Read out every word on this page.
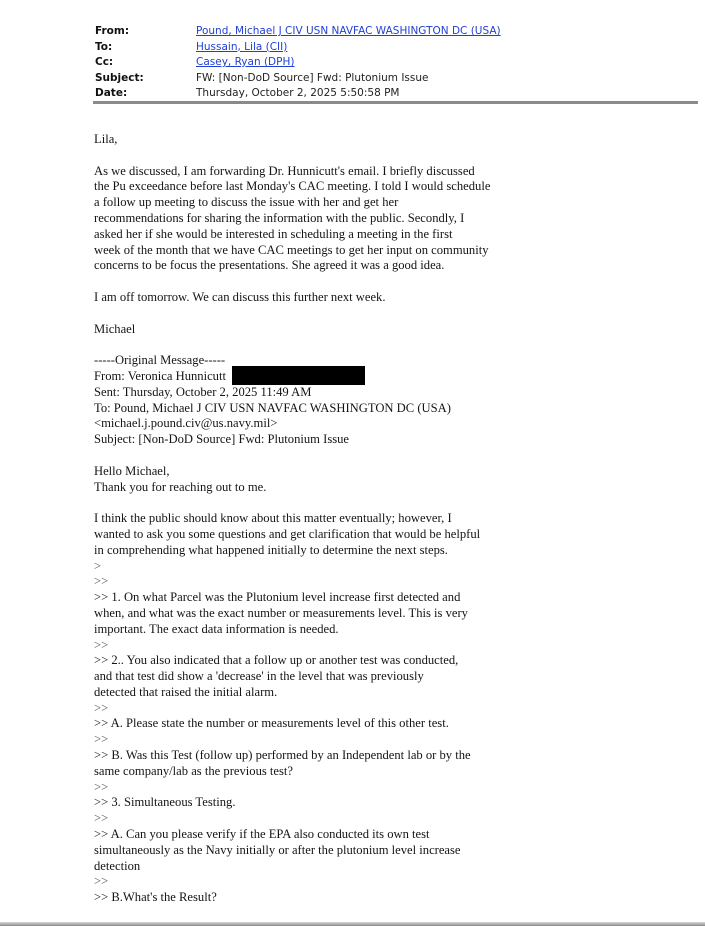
From:	Pound, Michael J CIV USN NAVFAC WASHINGTON DC (USA)
To:	Hussain, Lila (CII)
Cc:	Casey, Ryan (DPH)
Subject:	FW: [Non-DoD Source] Fwd: Plutonium Issue
Date:	Thursday, October 2, 2025 5:50:58 PM
Lila,
As we discussed, I am forwarding Dr. Hunnicutt's email. I briefly discussed
the Pu exceedance before last Monday's CAC meeting. I told I would schedule
a follow up meeting to discuss the issue with her and get her
recommendations for sharing the information with the public. Secondly, I
asked her if she would be interested in scheduling a meeting in the first
week of the month that we have CAC meetings to get her input on community
concerns to be focus the presentations. She agreed it was a good idea.
I am off tomorrow. We can discuss this further next week.
Michael
-----Original Message-----
From: Veronica Hunnicutt
Sent: Thursday, October 2, 2025 11:49 AM
To: Pound, Michael J CIV USN NAVFAC WASHINGTON DC (USA)
<michael.j.pound.civ@us.navy.mil>
Subject: [Non-DoD Source] Fwd: Plutonium Issue
Hello Michael,
Thank you for reaching out to me.
I think the public should know about this matter eventually; however, I
wanted to ask you some questions and get clarification that would be helpful
in comprehending what happened initially to determine the next steps.
>
>>
>> 1. On what Parcel was the Plutonium level increase first detected and
when, and what was the exact number or measurements level. This is very
important. The exact data information is needed.
>>
>> 2.. You also indicated that a follow up or another test was conducted,
and that test did show a 'decrease' in the level that was previously
detected that raised the initial alarm.
>>
>> A. Please state the number or measurements level of this other test.
>>
>> B. Was this Test (follow up) performed by an Independent lab or by the
same company/lab as the previous test?
>>
>> 3. Simultaneous Testing.
>>
>> A. Can you please verify if the EPA also conducted its own test
simultaneously as the Navy initially or after the plutonium level increase
detection
>>
>> B.What's the Result?
